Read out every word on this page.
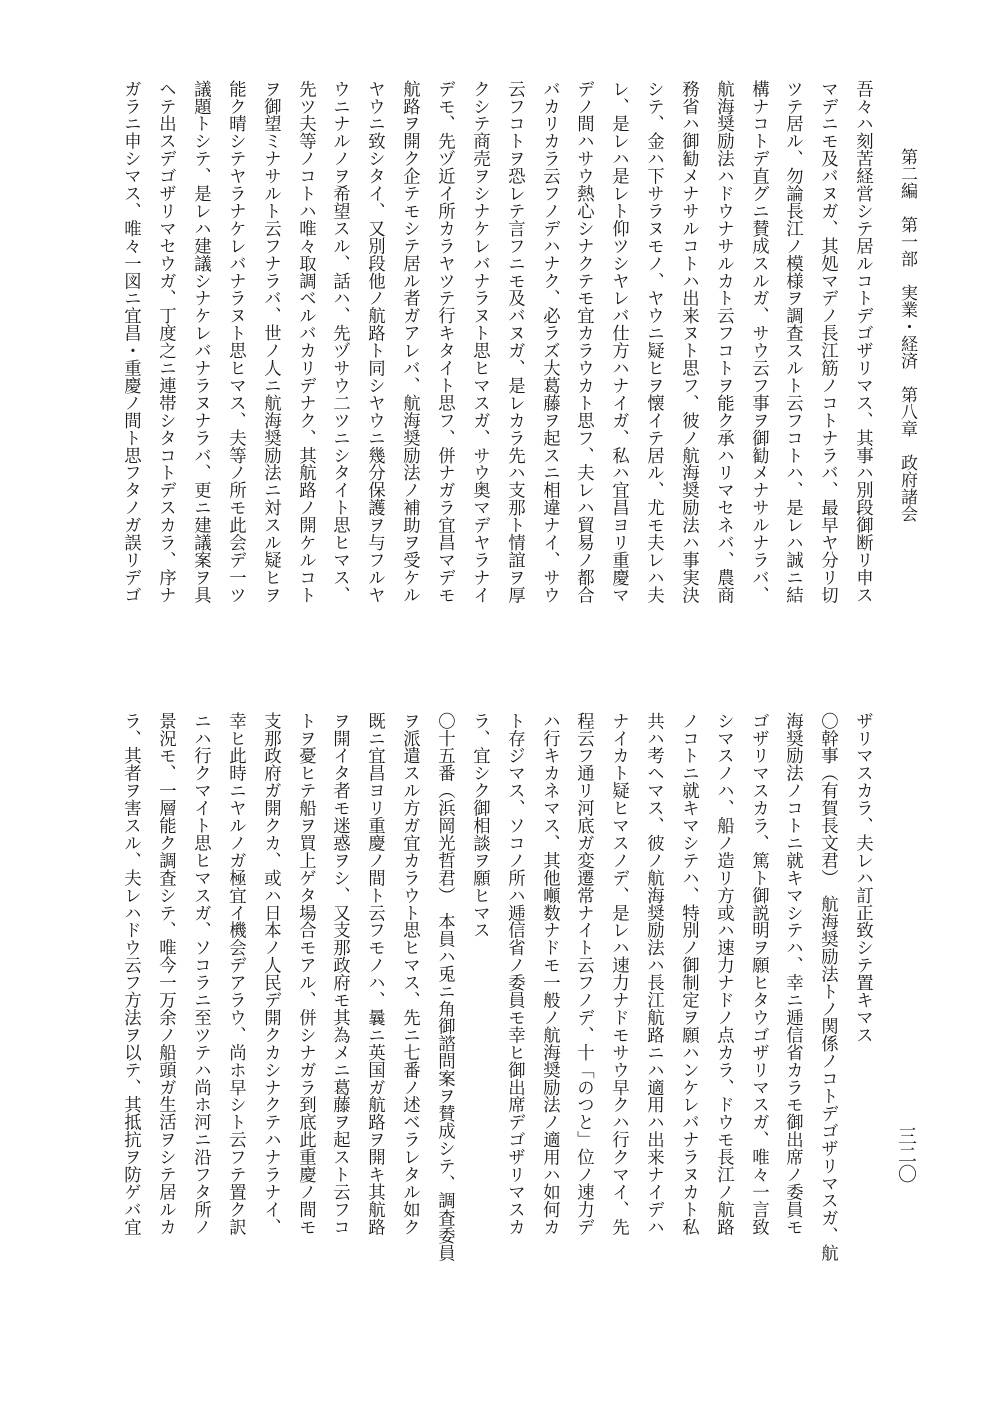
第二編　第一部　実業・経済　第八章　政府諸会
三二〇
吾々ハ刻苦経営シテ居ルコトデゴザリマス、其事ハ別段御断リ申ス
マデニモ及バヌガ、其処マデノ長江筋ノコトナラバ、最早ヤ分リ切
ツテ居ル、勿論長江ノ模様ヲ調査スルト云フコトハ、是レハ誠ニ結
構ナコトデ直グニ賛成スルガ、サウ云フ事ヲ御勧メナサルナラバ、
航海奨励法ハドウナサルカト云フコトヲ能ク承ハリマセネバ、農商
務省ハ御勧メナサルコトハ出来ヌト思フ、彼ノ航海奨励法ハ事実決
シテ、金ハ下サラヌモノ、ヤウニ疑ヒヲ懐イテ居ル、尤モ夫レハ夫
レ、是レハ是レト仰ツシヤレバ仕方ハナイガ、私ハ宜昌ヨリ重慶マ
デノ間ハサウ熱心シナクテモ宜カラウカト思フ、夫レハ貿易ノ都合
バカリカラ云フノデハナク、必ラズ大葛藤ヲ起スニ相違ナイ、サウ
云フコトヲ恐レテ言フニモ及バヌガ、是レカラ先ハ支那ト情誼ヲ厚
クシテ商売ヲシナケレバナラヌト思ヒマスガ、サウ奥マデヤラナイ
デモ、先ヅ近イ所カラヤツテ行キタイト思フ、併ナガラ宜昌マデモ
航路ヲ開ク企テモシテ居ル者ガアレバ、航海奨励法ノ補助ヲ受ケル
ヤウニ致シタイ、又別段他ノ航路ト同シヤウニ幾分保護ヲ与フルヤ
ウニナルノヲ希望スル、話ハ、先ヅサウ二ツニシタイト思ヒマス、
先ツ夫等ノコトハ唯々取調ベルバカリデナク、其航路ノ開ケルコト
ヲ御望ミナサルト云フナラバ、世ノ人ニ航海奨励法ニ対スル疑ヒヲ
能ク晴シテヤラナケレバナラヌト思ヒマス、夫等ノ所モ此会デ一ツ
議題トシテ、是レハ建議シナケレバナラヌナラバ、更ニ建議案ヲ具
ヘテ出スデゴザリマセウガ、丁度之ニ連帯シタコトデスカラ、序ナ
ガラニ申シマス、唯々一図ニ宜昌・重慶ノ間ト思フタノガ誤リデゴ
ザリマスカラ、夫レハ訂正致シテ置キマス
〇幹事（有賀長文君）　航海奨励法トノ関係ノコトデゴザリマスガ、航
海奨励法ノコトニ就キマシテハ、幸ニ逓信省カラモ御出席ノ委員モ
ゴザリマスカラ、篤ト御説明ヲ願ヒタウゴザリマスガ、唯々一言致
シマスノハ、船ノ造リ方或ハ速力ナドノ点カラ、ドウモ長江ノ航路
ノコトニ就キマシテハ、特別ノ御制定ヲ願ハンケレバナラヌカト私
共ハ考ヘマス、彼ノ航海奨励法ハ長江航路ニハ適用ハ出来ナイデハ
ナイカト疑ヒマスノデ、是レハ速力ナドモサウ早クハ行クマイ、先
程云フ通リ河底ガ変遷常ナイト云フノデ、十「のつと」位ノ速力デ
ハ行キカネマス、其他噸数ナドモ一般ノ航海奨励法ノ適用ハ如何カ
ト存ジマス、ソコノ所ハ逓信省ノ委員モ幸ヒ御出席デゴザリマスカ
ラ、宜シク御相談ヲ願ヒマス
〇十五番（浜岡光哲君）　本員ハ兎ニ角御諮問案ヲ賛成シテ、調査委員
ヲ派遣スル方ガ宜カラウト思ヒマス、先ニ七番ノ述ベラレタル如ク
既ニ宜昌ヨリ重慶ノ間ト云フモノハ、曩ニ英国ガ航路ヲ開キ其航路
ヲ開イタ者モ迷惑ヲシ、又支那政府モ其為メニ葛藤ヲ起スト云フコ
トヲ憂ヒテ船ヲ買上ゲタ場合モアル、併シナガラ到底此重慶ノ間モ
支那政府ガ開クカ、或ハ日本ノ人民デ開クカシナクテハナラナイ、
幸ヒ此時ニヤルノガ極宜イ機会デアラウ、尚ホ早シト云フテ置ク訳
ニハ行クマイト思ヒマスガ、ソコラニ至ツテハ尚ホ河ニ沿フタ所ノ
景況モ、一層能ク調査シテ、唯今一万余ノ船頭ガ生活ヲシテ居ルカ
ラ、其者ヲ害スル、夫レハドウ云フ方法ヲ以テ、其抵抗ヲ防ゲバ宜
